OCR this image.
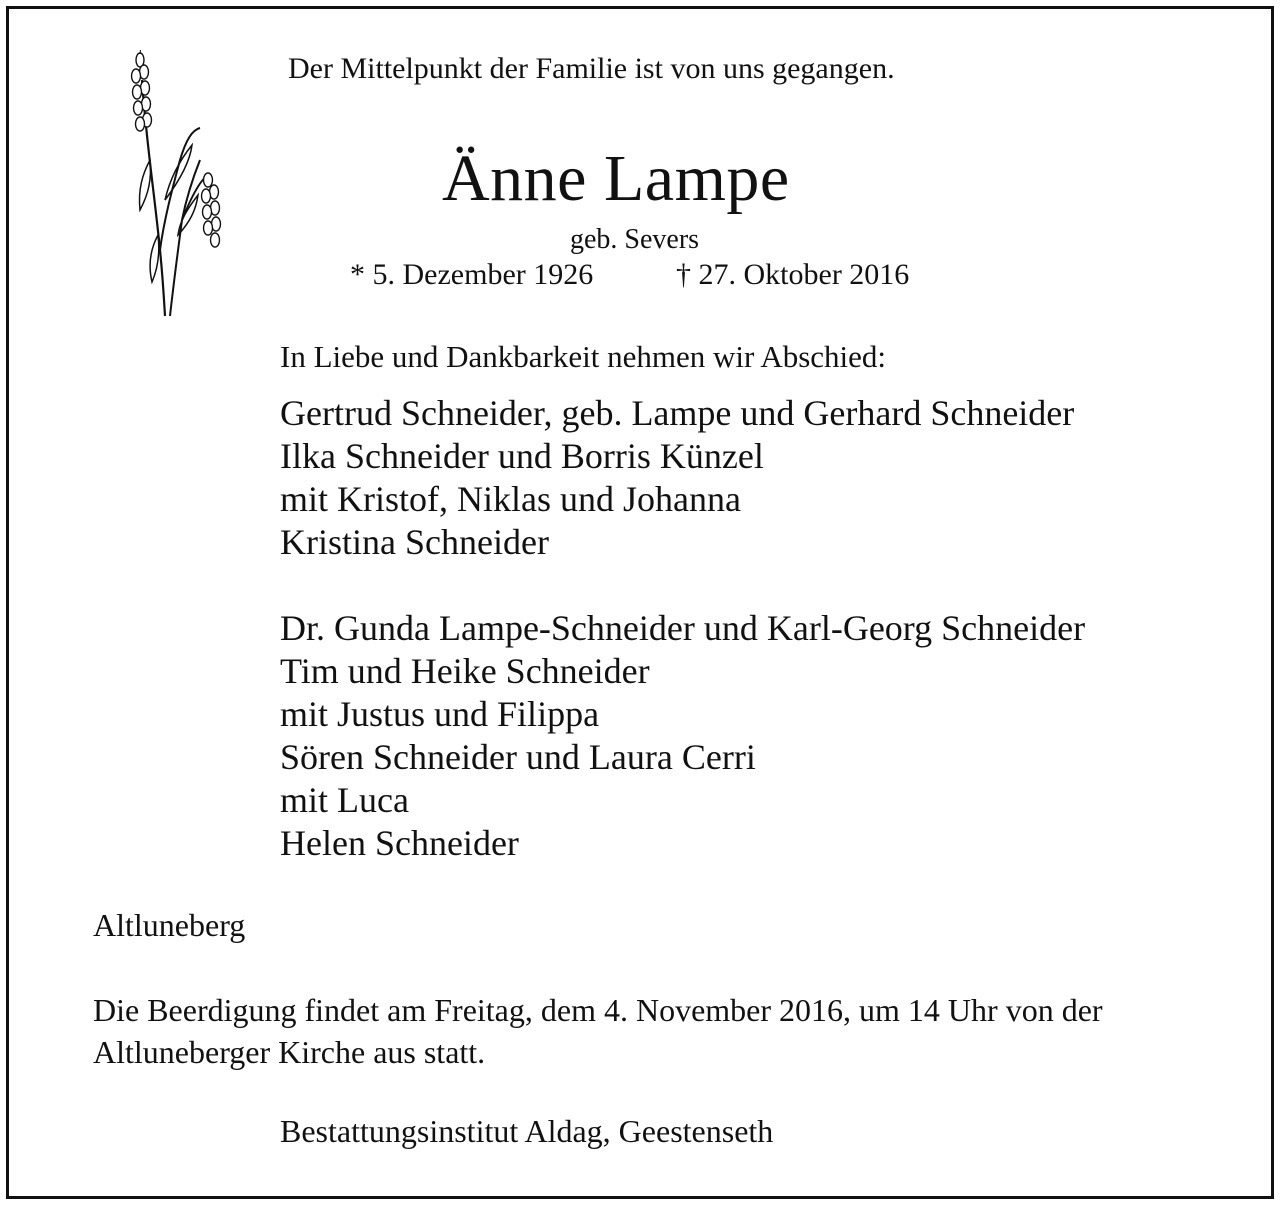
Der Mittelpunkt der Familie ist von uns gegangen.
Änne Lampe
geb. Severs
* 5. Dezember 1926	† 27. Oktober 2016
In Liebe und Dankbarkeit nehmen wir Abschied:
Gertrud Schneider, geb. Lampe und Gerhard Schneider
Ilka Schneider und Borris Künzel
mit Kristof, Niklas und Johanna
Kristina Schneider
Dr. Gunda Lampe-Schneider und Karl-Georg Schneider
Tim und Heike Schneider
mit Justus und Filippa
Sören Schneider und Laura Cerri
mit Luca
Helen Schneider
Altluneberg
Die Beerdigung findet am Freitag, dem 4. November 2016, um 14 Uhr von der
Altluneberger Kirche aus statt.
Bestattungsinstitut Aldag, Geestenseth
